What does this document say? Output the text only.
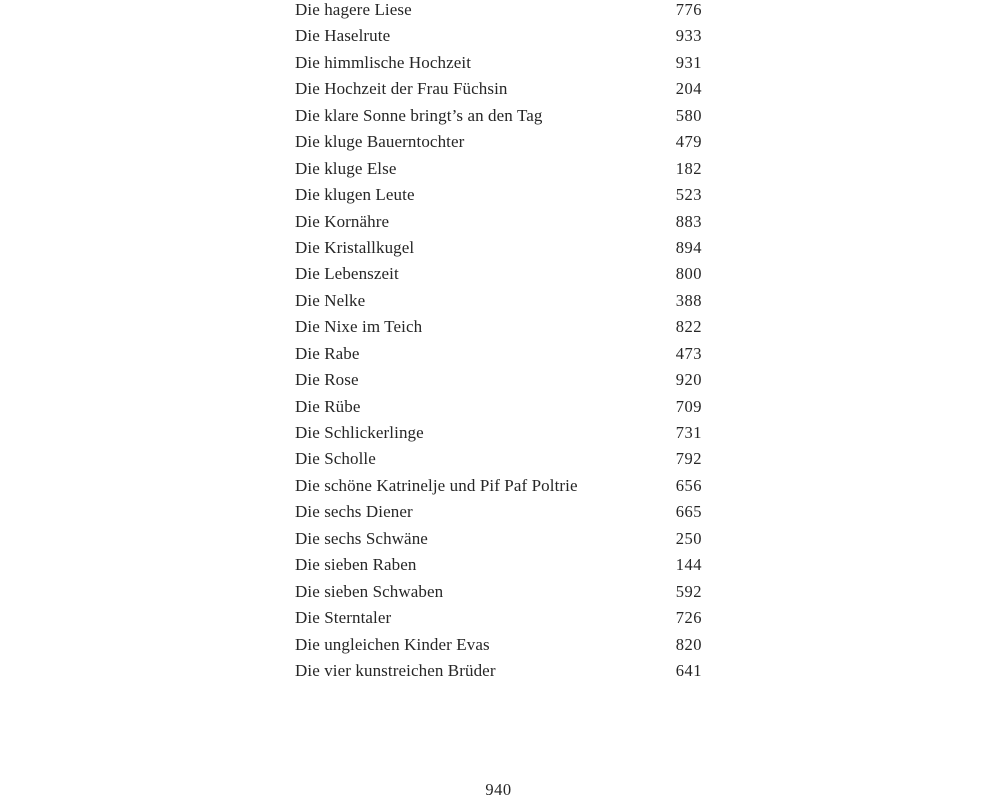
Die hagere Liese	776
Die Haselrute	933
Die himmlische Hochzeit	931
Die Hochzeit der Frau Füchsin	204
Die klare Sonne bringt’s an den Tag	580
Die kluge Bauerntochter	479
Die kluge Else	182
Die klugen Leute	523
Die Kornähre	883
Die Kristallkugel	894
Die Lebenszeit	800
Die Nelke	388
Die Nixe im Teich	822
Die Rabe	473
Die Rose	920
Die Rübe	709
Die Schlickerlinge	731
Die Scholle	792
Die schöne Katrinelje und Pif Paf Poltrie	656
Die sechs Diener	665
Die sechs Schwäne	250
Die sieben Raben	144
Die sieben Schwaben	592
Die Sterntaler	726
Die ungleichen Kinder Evas	820
Die vier kunstreichen Brüder	641
940
